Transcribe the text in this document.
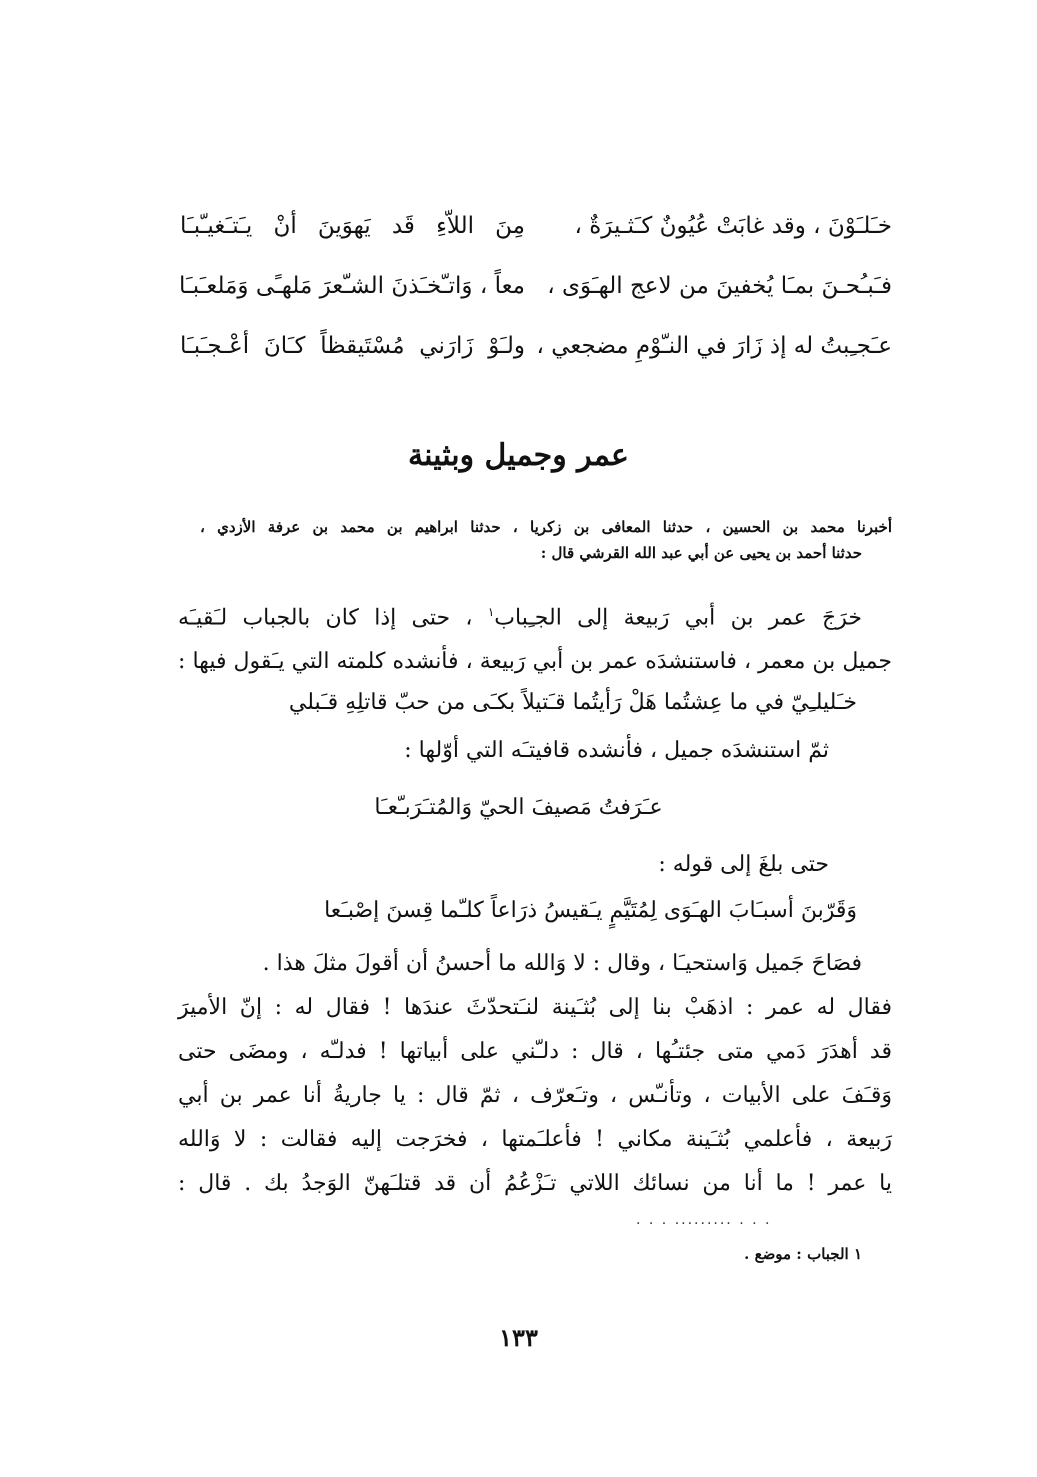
خـَلـَوْنَ ، وقد غابَتْ عُيُونٌ كـَثـيرَةٌ ،
مِنَ اللاّءِ قَد يَهوَينَ أنْ يـَتـَغيـّبـَا
فـَبـُحـنَ بمـَا يُخفينَ من لاعج الهـَوَى ،
معاً ، وَاتـّخـَذنَ الشـّعرَ مَلهـًى وَمَلعـَبـَا
عـَجـِبتُ له إذ زَارَ في النـّوْمِ مضجعي ،
ولـَوْ زَارَني مُسْتَيقظاً كـَانَ أعْـجـَبـَا
عمر وجميل وبثينة

أخبرنا محمد بن الحسين ، حدثنا المعافى بن زكريا ، حدثنا ابراهيم بن محمد بن عرفة الأزدي ،

حدثنا أحمد بن يحيى عن أبي عبد الله القرشي قال :

خرَجَ عمر بن أبي رَبيعة إلى الجـِباب$^١$ ، حتى إذا كان بالجباب لـَقيـَه

جميل بن معمر ، فاستنشدَه عمر بن أبي رَبيعة ، فأنشده كلمته التي يـَقول فيها :

خـَليلـِيّ في ما عِشتُما هَلْ رَأيتُما قـَتيلاً بكـَى من حبّ قاتلِهِ قـَبلي
ثمّ استنشدَه جميل ، فأنشده قافيتـَه التي أوّلها :
عـَرَفتُ مَصيفَ الحيّ وَالمُتـَرَبـّعـَا
حتى بلغَ إلى قوله :
وَقَرّبنَ أسبـَابَ الهـَوَى لِمُتَيَّمٍ يـَقيسُ ذرَاعاً كلـّما قِسنَ إصْبـَعا

فصَاحَ جَميل وَاستحيـَا ، وقال : لا وَالله ما أحسنُ أن أقولَ مثلَ هذا .

فقال له عمر : اذهَبْ بنا إلى بُثـَينة لنـَتحدّثَ عندَها ! فقال له : إنّ الأميرَ

قد أهدَرَ دَمي متى جئتـُها ، قال : دلـّني على أبياتها ! فدلـّه ، ومضَى حتى

وَقـَفَ على الأبيات ، وتأنـّس ، وتـَعرّف ، ثمّ قال : يا جاريةُ أنا عمر بن أبي

رَبيعة ، فأعلمي بُثـَينة مكاني ! فأعلـَمتها ، فخرَجت إليه فقالت : لا وَالله

يا عمر ! ما أنا من نسائك اللاتي تـَزْعُمُ أن قد قتلـَهنّ الوَجدُ بك . قال :

. . . ......... . . .
١ الجباب : موضع .
١٣٣
